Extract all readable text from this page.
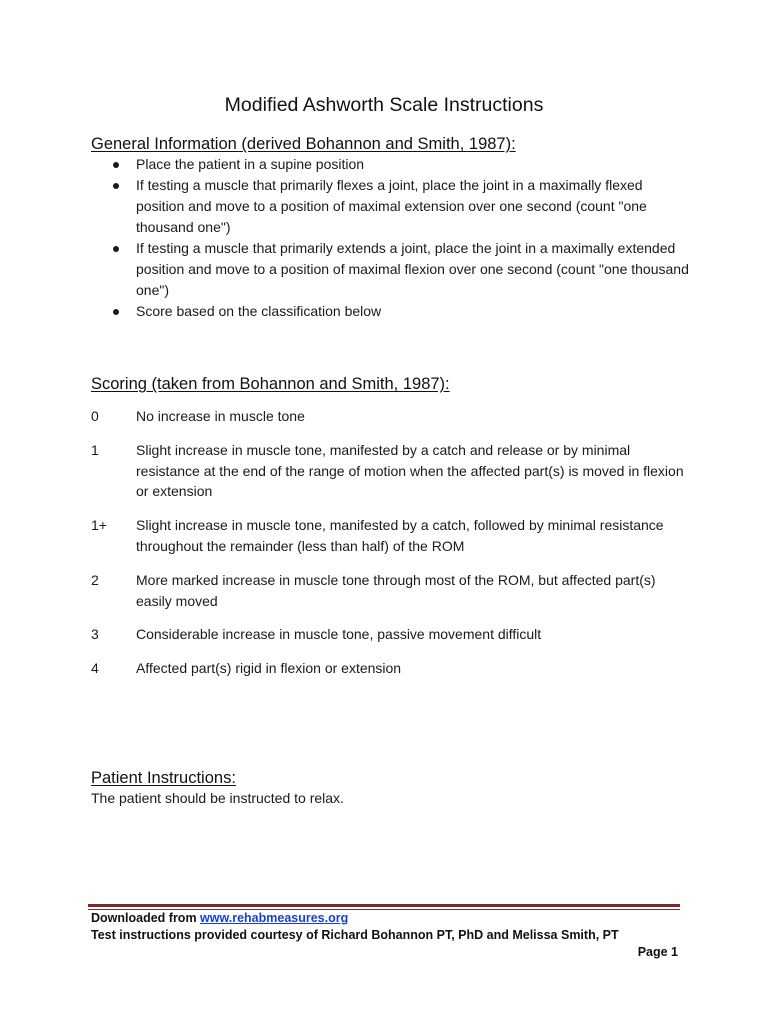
Modified Ashworth Scale Instructions
General Information (derived Bohannon and Smith, 1987):
Place the patient in a supine position
If testing a muscle that primarily flexes a joint, place the joint in a maximally flexed position and move to a position of maximal extension over one second (count "one thousand one")
If testing a muscle that primarily extends a joint, place the joint in a maximally extended position and move to a position of maximal flexion over one second (count "one thousand one")
Score based on the classification below
Scoring (taken from Bohannon and Smith, 1987):
0	No increase in muscle tone
1	Slight increase in muscle tone, manifested by a catch and release or by minimal resistance at the end of the range of motion when the affected part(s) is moved in flexion or extension
1+	Slight increase in muscle tone, manifested by a catch, followed by minimal resistance throughout the remainder (less than half) of the ROM
2	More marked increase in muscle tone through most of the ROM, but affected part(s) easily moved
3	Considerable increase in muscle tone, passive movement difficult
4	Affected part(s) rigid in flexion or extension
Patient Instructions:
The patient should be instructed to relax.
Downloaded from www.rehabmeasures.org
Test instructions provided courtesy of Richard Bohannon PT, PhD and Melissa Smith, PT
Page 1
